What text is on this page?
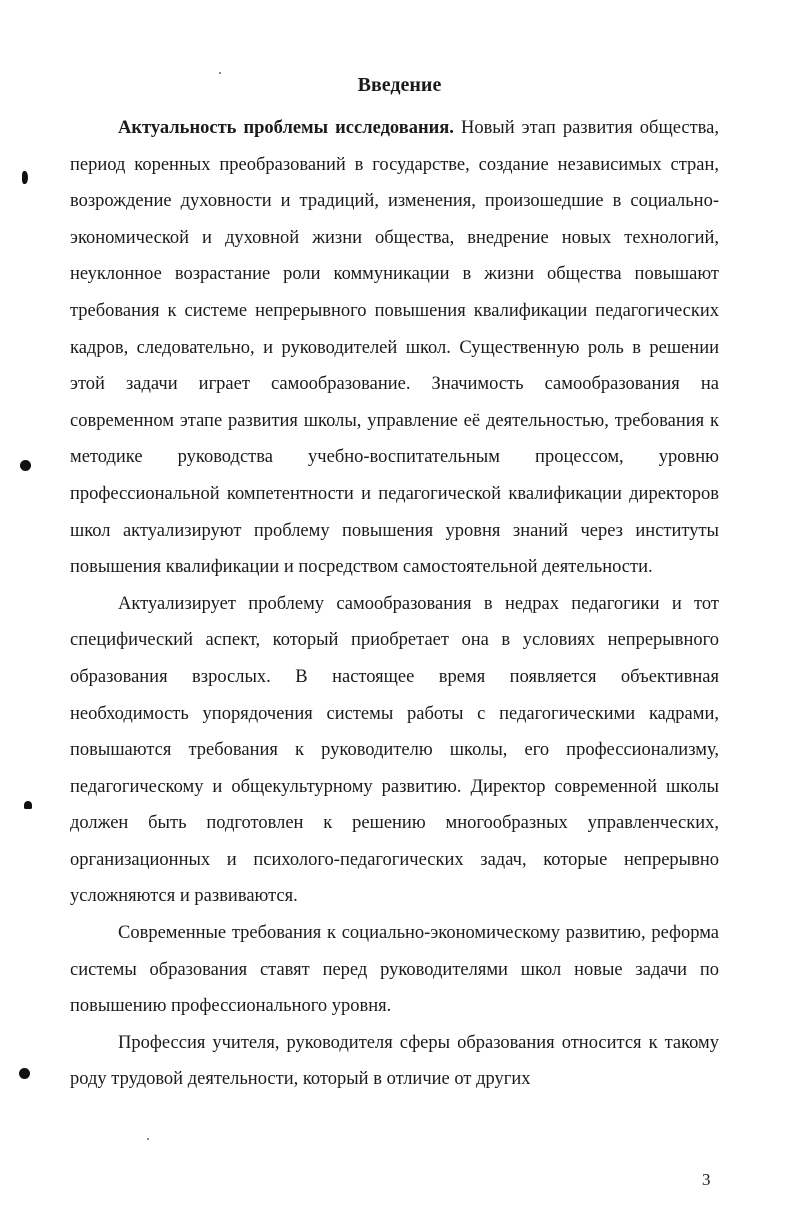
Введение

Актуальность проблемы исследования. Новый этап развития общества, период коренных преобразований в государстве, создание независимых стран, возрождение духовности и традиций, изменения, произошедшие в социально-экономической и духовной жизни общества, внедрение новых технологий, неуклонное возрастание роли коммуникации в жизни общества повышают требования к системе непрерывного повышения квалификации педагогических кадров, следовательно, и руководителей школ. Существенную роль в решении этой задачи играет самообразование. Значимость самообразования на современном этапе развития школы, управление её деятельностью, требования к методике руководства учебно-воспитательным процессом, уровню профессиональной компетентности и педагогической квалификации директоров школ актуализируют проблему повышения уровня знаний через институты повышения квалификации и посредством самостоятельной деятельности.

Актуализирует проблему самообразования в недрах педагогики и тот специфический аспект, который приобретает она в условиях непрерывного образования взрослых. В настоящее время появляется объективная необходимость упорядочения системы работы с педагогическими кадрами, повышаются требования к руководителю школы, его профессионализму, педагогическому и общекультурному развитию. Директор современной школы должен быть подготовлен к решению многообразных управленческих, организационных и психолого-педагогических задач, которые непрерывно усложняются и развиваются.

Современные требования к социально-экономическому развитию, реформа системы образования ставят перед руководителями школ новые задачи по повышению профессионального уровня.

Профессия учителя, руководителя сферы образования относится к такому роду трудовой деятельности, который в отличие от других

3
